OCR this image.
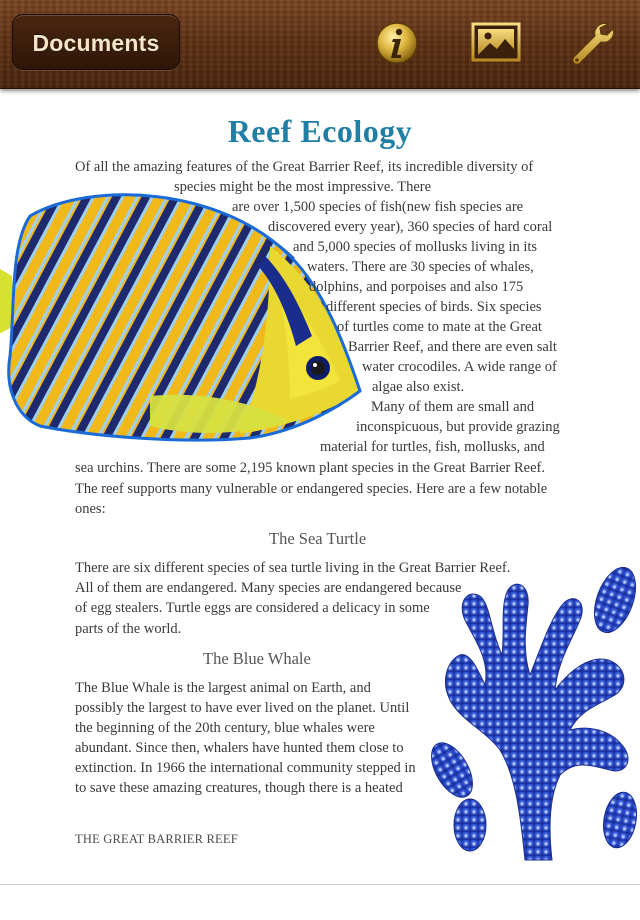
Documents
Reef Ecology
Of all the amazing features of the Great Barrier Reef, its incredible diversity of
species might be the most impressive. There
are over 1,500 species of fish(new fish species are
discovered every year), 360 species of hard coral
and 5,000 species of mollusks living in its
waters. There are 30 species of whales,
dolphins, and porpoises and also 175
different species of birds. Six species
of turtles come to mate at the Great
Barrier Reef, and there are even salt
water crocodiles. A wide range of
algae also exist.
Many of them are small and
inconspicuous, but provide grazing
material for turtles, fish, mollusks, and
sea urchins. There are some 2,195 known plant species in the Great Barrier Reef.
The reef supports many vulnerable or endangered species. Here are a few notable
ones:
The Sea Turtle
There are six different species of sea turtle living in the Great Barrier Reef.
All of them are endangered. Many species are endangered because
of egg stealers. Turtle eggs are considered a delicacy in some
parts of the world.
The Blue Whale
The Blue Whale is the largest animal on Earth, and
possibly the largest to have ever lived on the planet. Until
the beginning of the 20th century, blue whales were
abundant. Since then, whalers have hunted them close to
extinction. In 1966 the international community stepped in
to save these amazing creatures, though there is a heated
THE GREAT BARRIER REEF
